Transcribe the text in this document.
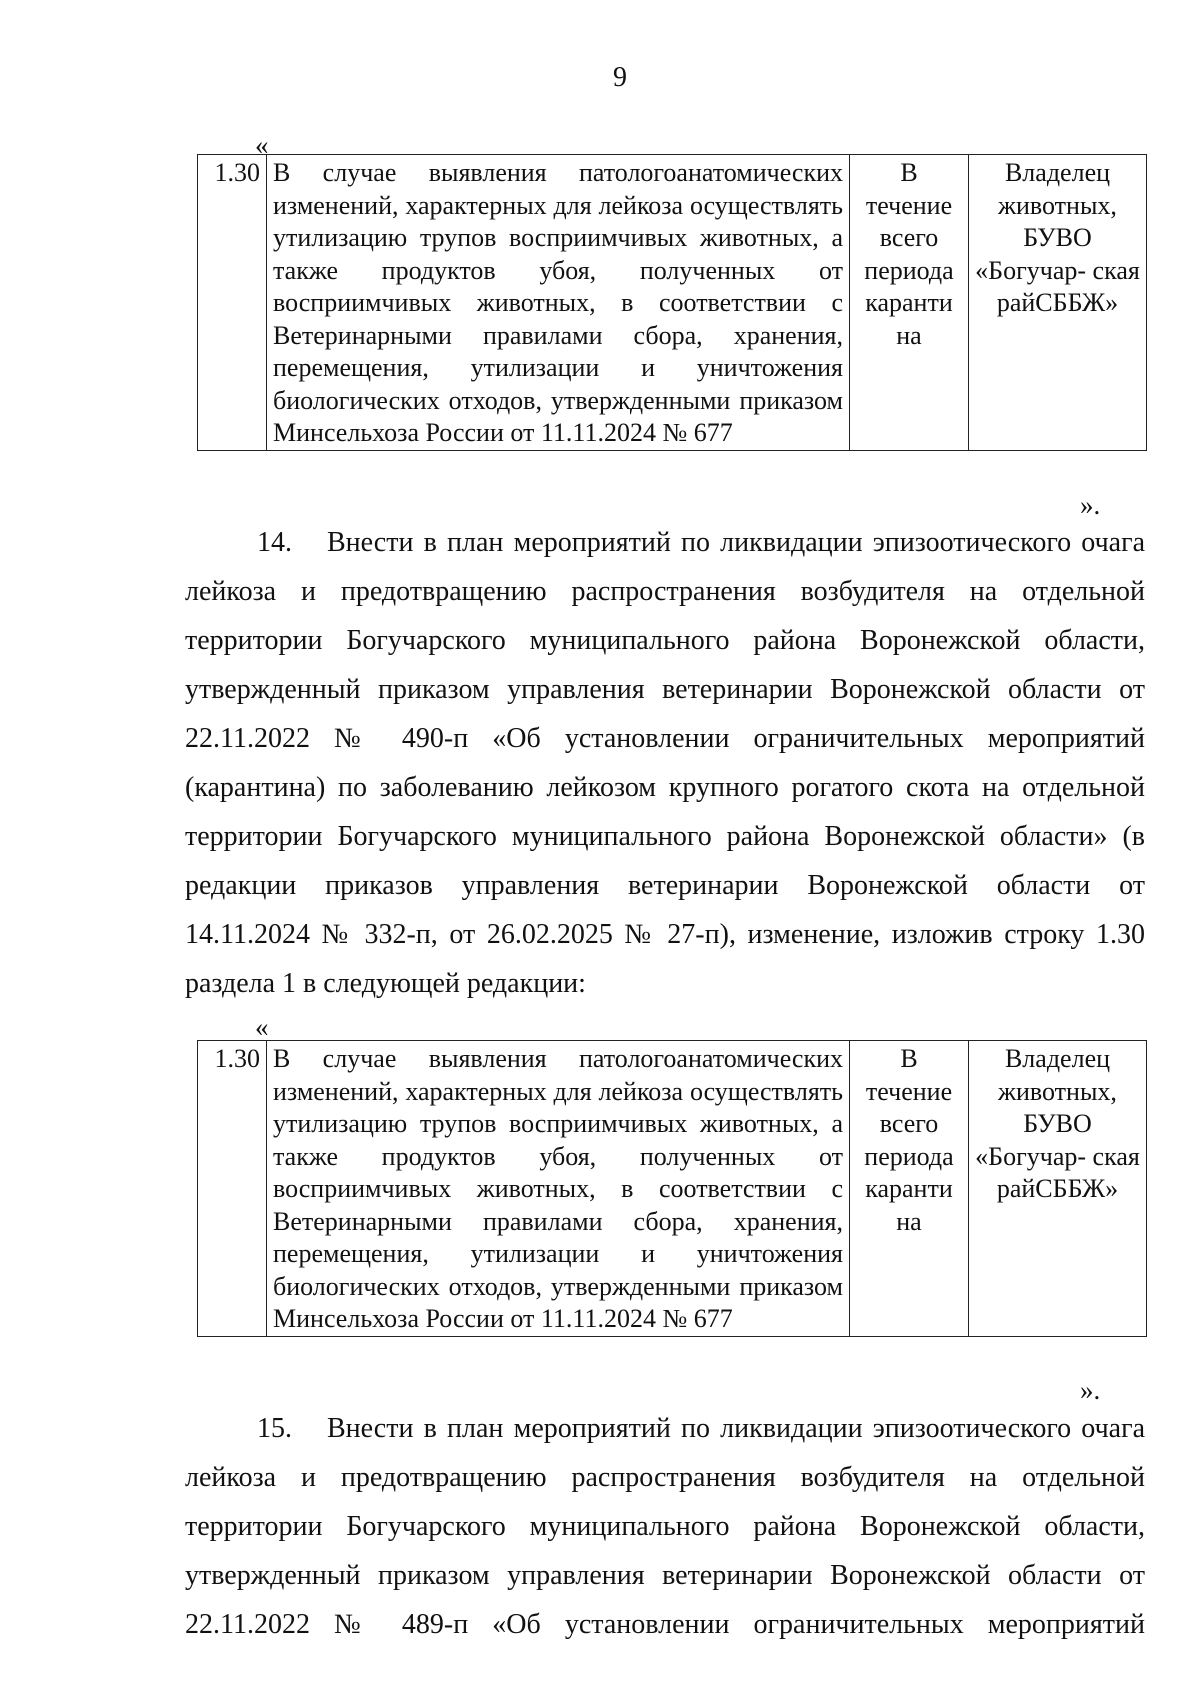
9
«
1.30	В случае выявления патологоанатомических изменений, характерных для лейкоза осуществлять утилизацию трупов восприимчивых животных, а также продуктов убоя, полученных от восприимчивых животных, в соответствии с Ветеринарными правилами сбора, хранения, перемещения, утилизации и уничтожения биологических отходов, утвержденными приказом Минсельхоза России от 11.11.2024 № 677	В течение всего периода каранти на	Владелец животных, БУВО «Богучар- ская райСББЖ»
».

14. Внести в план мероприятий по ликвидации эпизоотического очага лейкоза и предотвращению распространения возбудителя на отдельной территории Богучарского муниципального района Воронежской области, утвержденный приказом управления ветеринарии Воронежской области от 22.11.2022 № 490-п «Об установлении ограничительных мероприятий (карантина) по заболеванию лейкозом крупного рогатого скота на отдельной территории Богучарского муниципального района Воронежской области» (в редакции приказов управления ветеринарии Воронежской области от 14.11.2024 № 332-п, от 26.02.2025 № 27-п), изменение, изложив строку 1.30 раздела 1 в следующей редакции:

«
1.30	В случае выявления патологоанатомических изменений, характерных для лейкоза осуществлять утилизацию трупов восприимчивых животных, а также продуктов убоя, полученных от восприимчивых животных, в соответствии с Ветеринарными правилами сбора, хранения, перемещения, утилизации и уничтожения биологических отходов, утвержденными приказом Минсельхоза России от 11.11.2024 № 677	В течение всего периода каранти на	Владелец животных, БУВО «Богучар- ская райСББЖ»
».

15. Внести в план мероприятий по ликвидации эпизоотического очага лейкоза и предотвращению распространения возбудителя на отдельной территории Богучарского муниципального района Воронежской области, утвержденный приказом управления ветеринарии Воронежской области от 22.11.2022 № 489-п «Об установлении ограничительных мероприятий
